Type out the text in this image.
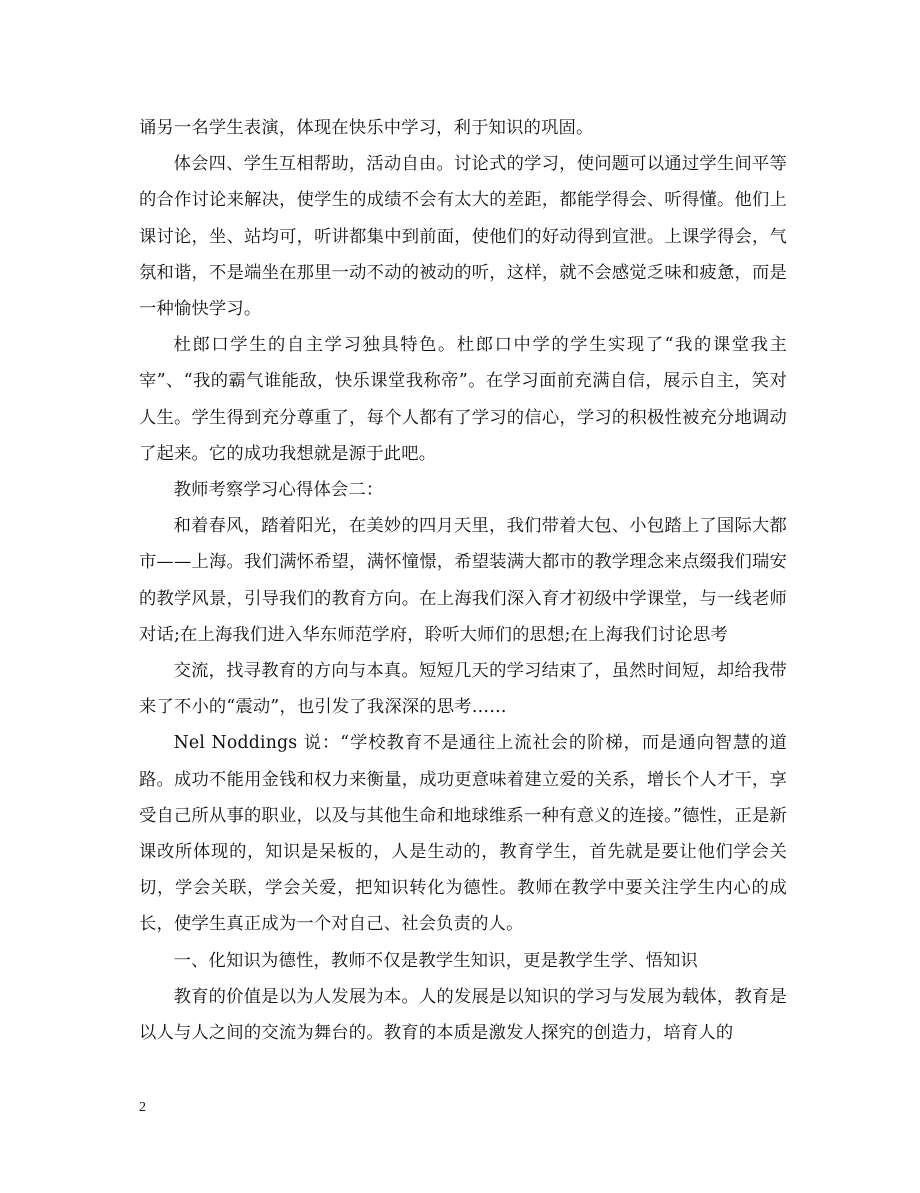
诵另一名学生表演，体现在快乐中学习，利于知识的巩固。

体会四、学生互相帮助，活动自由。讨论式的学习，使问题可以通过学生间平等的合作讨论来解决，使学生的成绩不会有太大的差距，都能学得会、听得懂。他们上课讨论，坐、站均可，听讲都集中到前面，使他们的好动得到宣泄。上课学得会，气氛和谐，不是端坐在那里一动不动的被动的听，这样，就不会感觉乏味和疲惫，而是一种愉快学习。

杜郎口学生的自主学习独具特色。杜郎口中学的学生实现了“我的课堂我主宰”、“我的霸气谁能敌，快乐课堂我称帝”。在学习面前充满自信，展示自主，笑对人生。学生得到充分尊重了，每个人都有了学习的信心，学习的积极性被充分地调动了起来。它的成功我想就是源于此吧。

教师考察学习心得体会二：

和着春风，踏着阳光，在美妙的四月天里，我们带着大包、小包踏上了国际大都市——上海。我们满怀希望，满怀憧憬，希望装满大都市的教学理念来点缀我们瑞安的教学风景，引导我们的教育方向。在上海我们深入育才初级中学课堂，与一线老师对话;在上海我们进入华东师范学府，聆听大师们的思想;在上海我们讨论思考

交流，找寻教育的方向与本真。短短几天的学习结束了，虽然时间短，却给我带来了不小的“震动”，也引发了我深深的思考……

Nel Noddings 说：“学校教育不是通往上流社会的阶梯，而是通向智慧的道路。成功不能用金钱和权力来衡量，成功更意味着建立爱的关系，增长个人才干，享受自己所从事的职业，以及与其他生命和地球维系一种有意义的连接。”德性，正是新课改所体现的，知识是呆板的，人是生动的，教育学生，首先就是要让他们学会关切，学会关联，学会关爱，把知识转化为德性。教师在教学中要关注学生内心的成长，使学生真正成为一个对自己、社会负责的人。

一、化知识为德性，教师不仅是教学生知识，更是教学生学、悟知识

教育的价值是以为人发展为本。人的发展是以知识的学习与发展为载体，教育是以人与人之间的交流为舞台的。教育的本质是激发人探究的创造力，培育人的

2
